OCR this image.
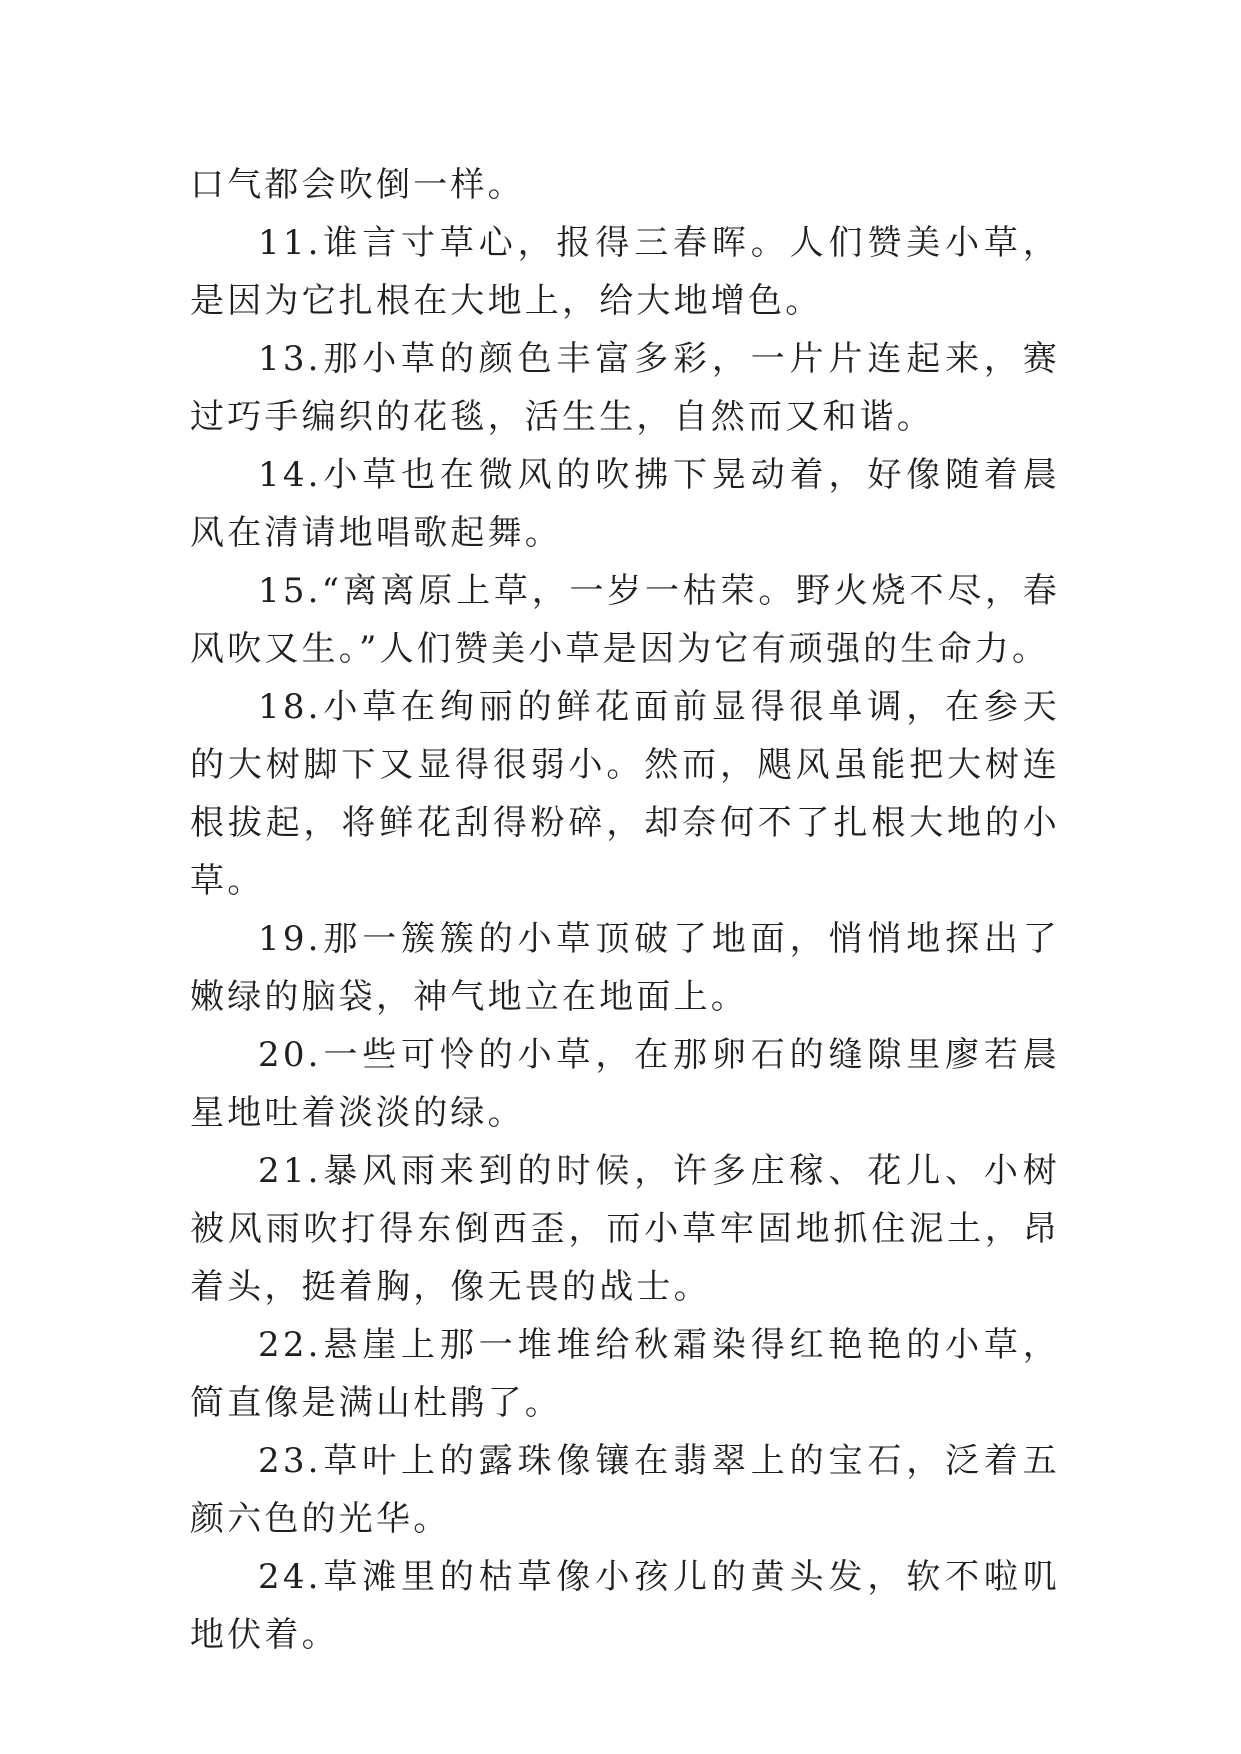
口气都会吹倒一样。

11.谁言寸草心，报得三春晖。人们赞美小草，是因为它扎根在大地上，给大地增色。

13.那小草的颜色丰富多彩，一片片连起来，赛过巧手编织的花毯，活生生，自然而又和谐。

14.小草也在微风的吹拂下晃动着，好像随着晨风在清请地唱歌起舞。

15.“离离原上草，一岁一枯荣。野火烧不尽，春风吹又生。”人们赞美小草是因为它有顽强的生命力。

18.小草在绚丽的鲜花面前显得很单调，在参天的大树脚下又显得很弱小。然而，飓风虽能把大树连根拔起，将鲜花刮得粉碎，却奈何不了扎根大地的小草。

19.那一簇簇的小草顶破了地面，悄悄地探出了嫩绿的脑袋，神气地立在地面上。

20.一些可怜的小草，在那卵石的缝隙里廖若晨星地吐着淡淡的绿。

21.暴风雨来到的时候，许多庄稼、花儿、小树被风雨吹打得东倒西歪，而小草牢固地抓住泥土，昂着头，挺着胸，像无畏的战士。

22.悬崖上那一堆堆给秋霜染得红艳艳的小草，简直像是满山杜鹃了。

23.草叶上的露珠像镶在翡翠上的宝石，泛着五颜六色的光华。

24.草滩里的枯草像小孩儿的黄头发，软不啦叽地伏着。
